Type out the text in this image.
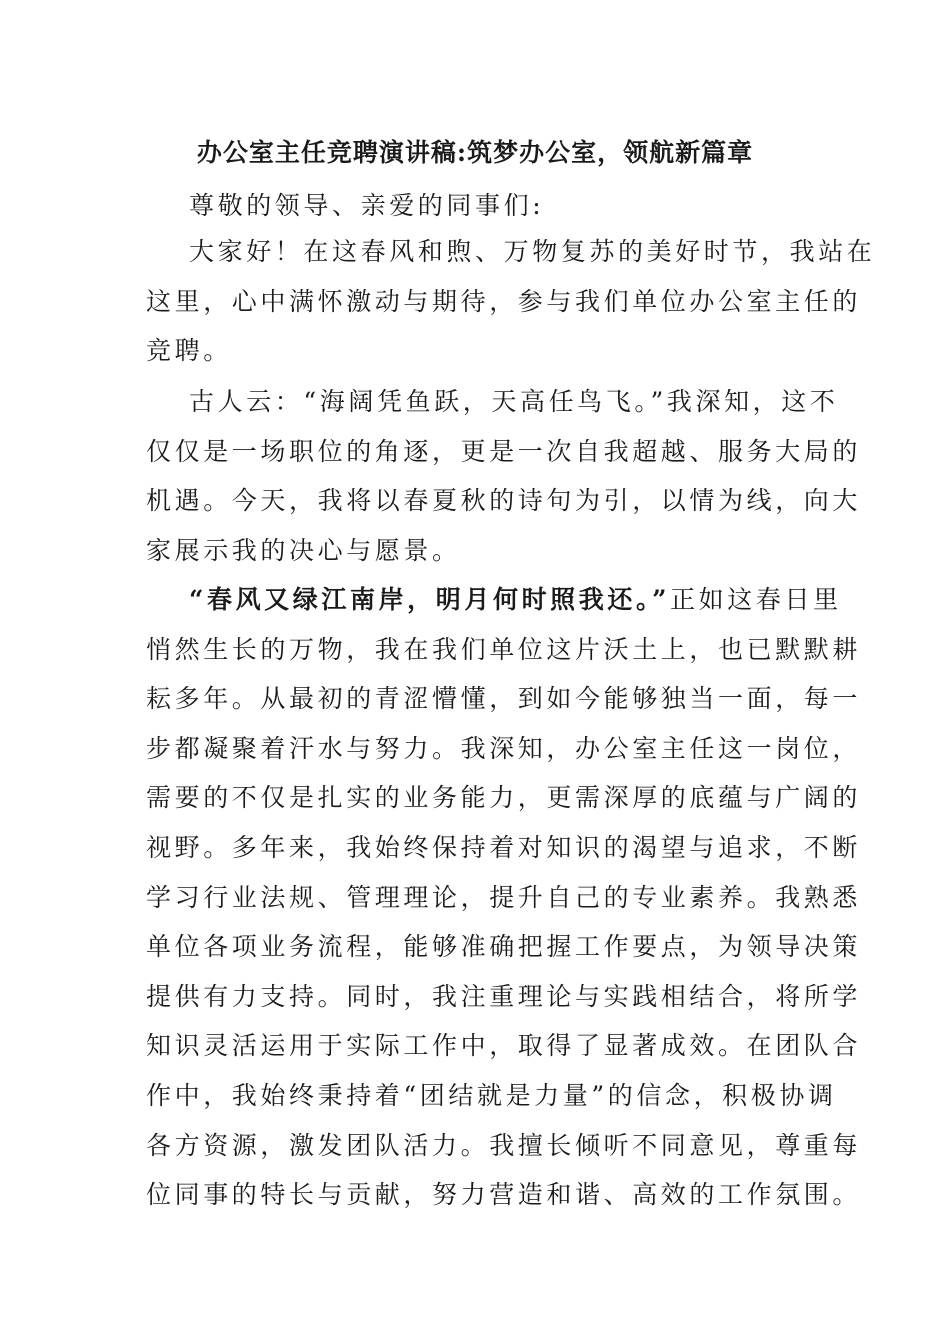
办公室主任竞聘演讲稿:筑梦办公室，领航新篇章
尊敬的领导、亲爱的同事们:
大家好！在这春风和煦、万物复苏的美好时节，我站在
这里，心中满怀激动与期待，参与我们单位办公室主任的
竞聘。
古人云：“海阔凭鱼跃，天高任鸟飞。”我深知，这不
仅仅是一场职位的角逐，更是一次自我超越、服务大局的
机遇。今天，我将以春夏秋的诗句为引，以情为线，向大
家展示我的决心与愿景。
“春风又绿江南岸，明月何时照我还。”正如这春日里
悄然生长的万物，我在我们单位这片沃土上，也已默默耕
耘多年。从最初的青涩懵懂，到如今能够独当一面，每一
步都凝聚着汗水与努力。我深知，办公室主任这一岗位，
需要的不仅是扎实的业务能力，更需深厚的底蕴与广阔的
视野。多年来，我始终保持着对知识的渴望与追求，不断
学习行业法规、管理理论，提升自己的专业素养。我熟悉
单位各项业务流程，能够准确把握工作要点，为领导决策
提供有力支持。同时，我注重理论与实践相结合，将所学
知识灵活运用于实际工作中，取得了显著成效。在团队合
作中，我始终秉持着“团结就是力量”的信念，积极协调
各方资源，激发团队活力。我擅长倾听不同意见，尊重每
位同事的特长与贡献，努力营造和谐、高效的工作氛围。
